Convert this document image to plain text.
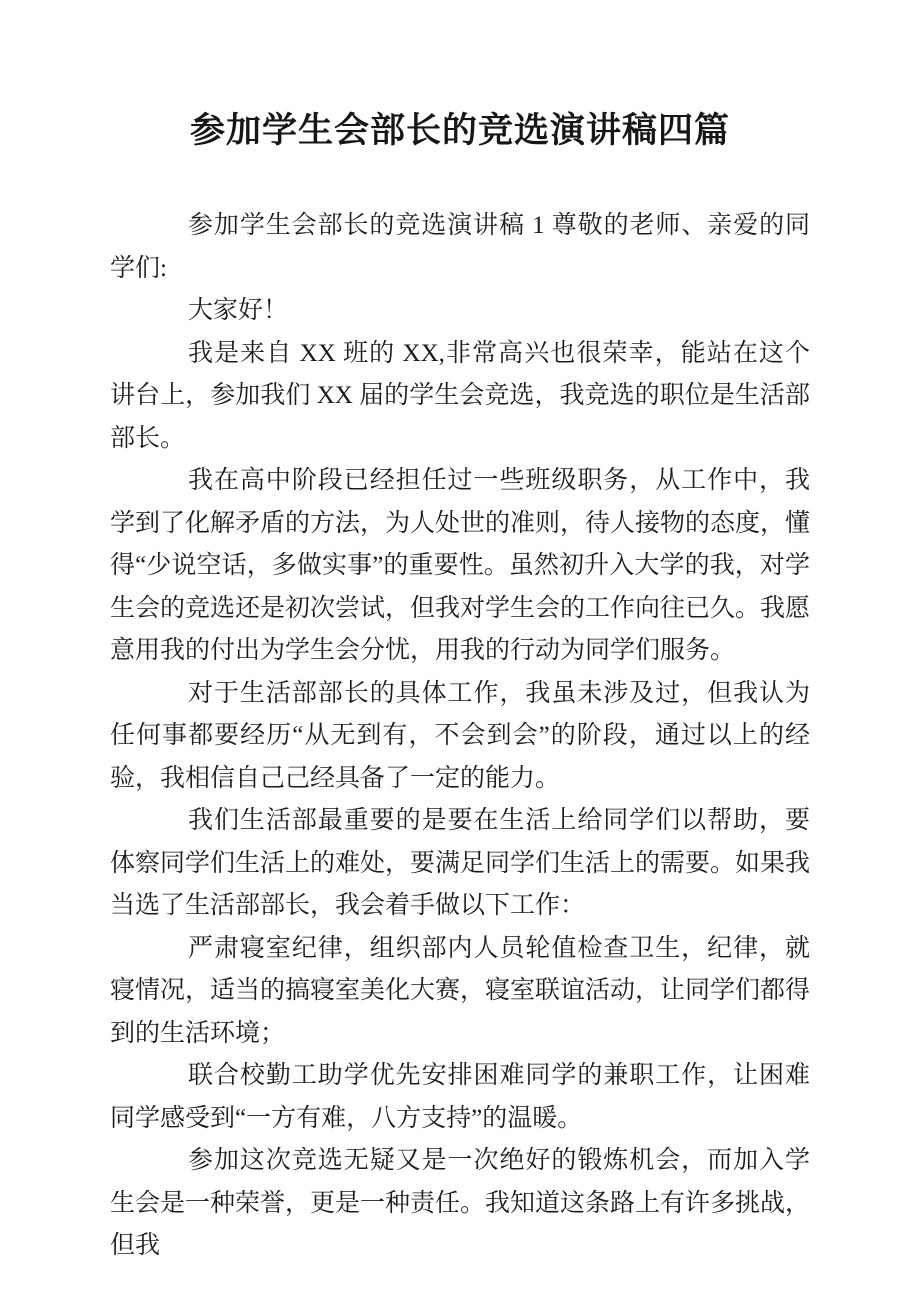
参加学生会部长的竞选演讲稿四篇

参加学生会部长的竞选演讲稿 1 尊敬的老师、亲爱的同学们:

大家好！

我是来自 XX 班的 XX,非常高兴也很荣幸，能站在这个讲台上，参加我们 XX 届的学生会竞选，我竞选的职位是生活部部长。

我在高中阶段已经担任过一些班级职务，从工作中，我学到了化解矛盾的方法，为人处世的准则，待人接物的态度，懂得“少说空话，多做实事”的重要性。虽然初升入大学的我，对学生会的竞选还是初次尝试，但我对学生会的工作向往已久。我愿意用我的付出为学生会分忧，用我的行动为同学们服务。

对于生活部部长的具体工作，我虽未涉及过，但我认为任何事都要经历“从无到有，不会到会”的阶段，通过以上的经验，我相信自己己经具备了一定的能力。

我们生活部最重要的是要在生活上给同学们以帮助，要体察同学们生活上的难处，要满足同学们生活上的需要。如果我当选了生活部部长，我会着手做以下工作：

严肃寝室纪律，组织部内人员轮值检查卫生，纪律，就寝情况，适当的搞寝室美化大赛，寝室联谊活动，让同学们都得到的生活环境；

联合校勤工助学优先安排困难同学的兼职工作，让困难同学感受到“一方有难，八方支持”的温暖。

参加这次竞选无疑又是一次绝好的锻炼机会，而加入学生会是一种荣誉，更是一种责任。我知道这条路上有许多挑战，但我
